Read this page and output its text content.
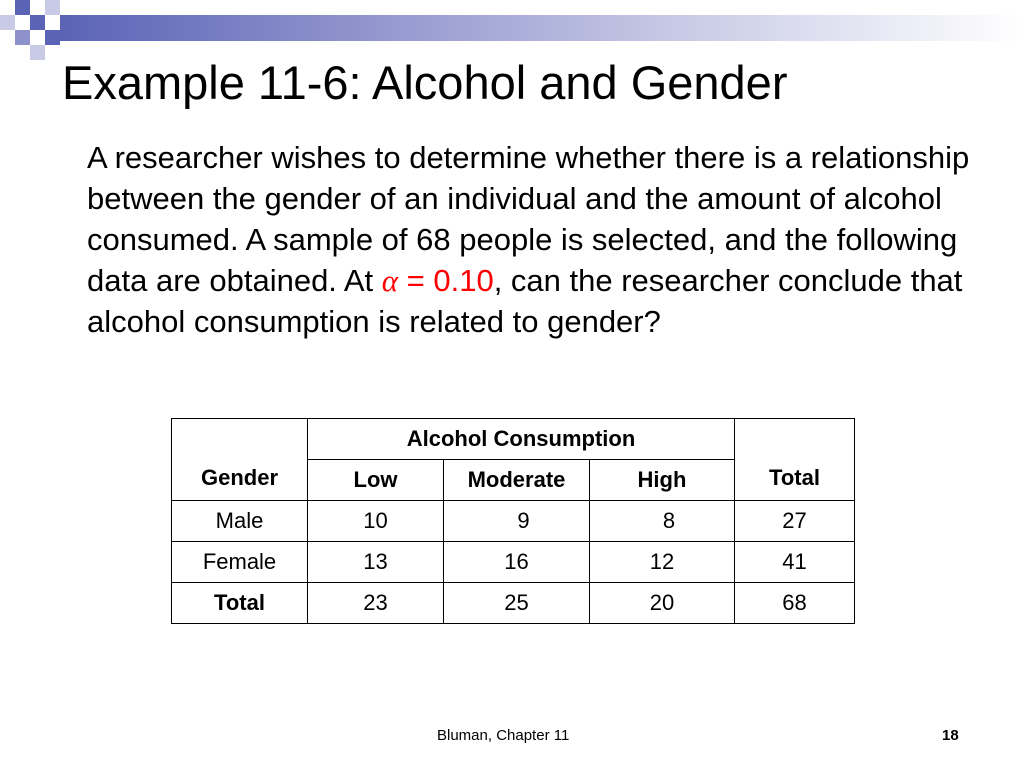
Example 11-6: Alcohol and Gender
A researcher wishes to determine whether there is a relationship between the gender of an individual and the amount of alcohol consumed. A sample of 68 people is selected, and the following data are obtained. At α = 0.10, can the researcher conclude that alcohol consumption is related to gender?
Gender	Alcohol Consumption			Total
	Low	Moderate	High	
Male	10	9	8	27
Female	13	16	12	41
Total	23	25	20	68
Bluman, Chapter 11	18
